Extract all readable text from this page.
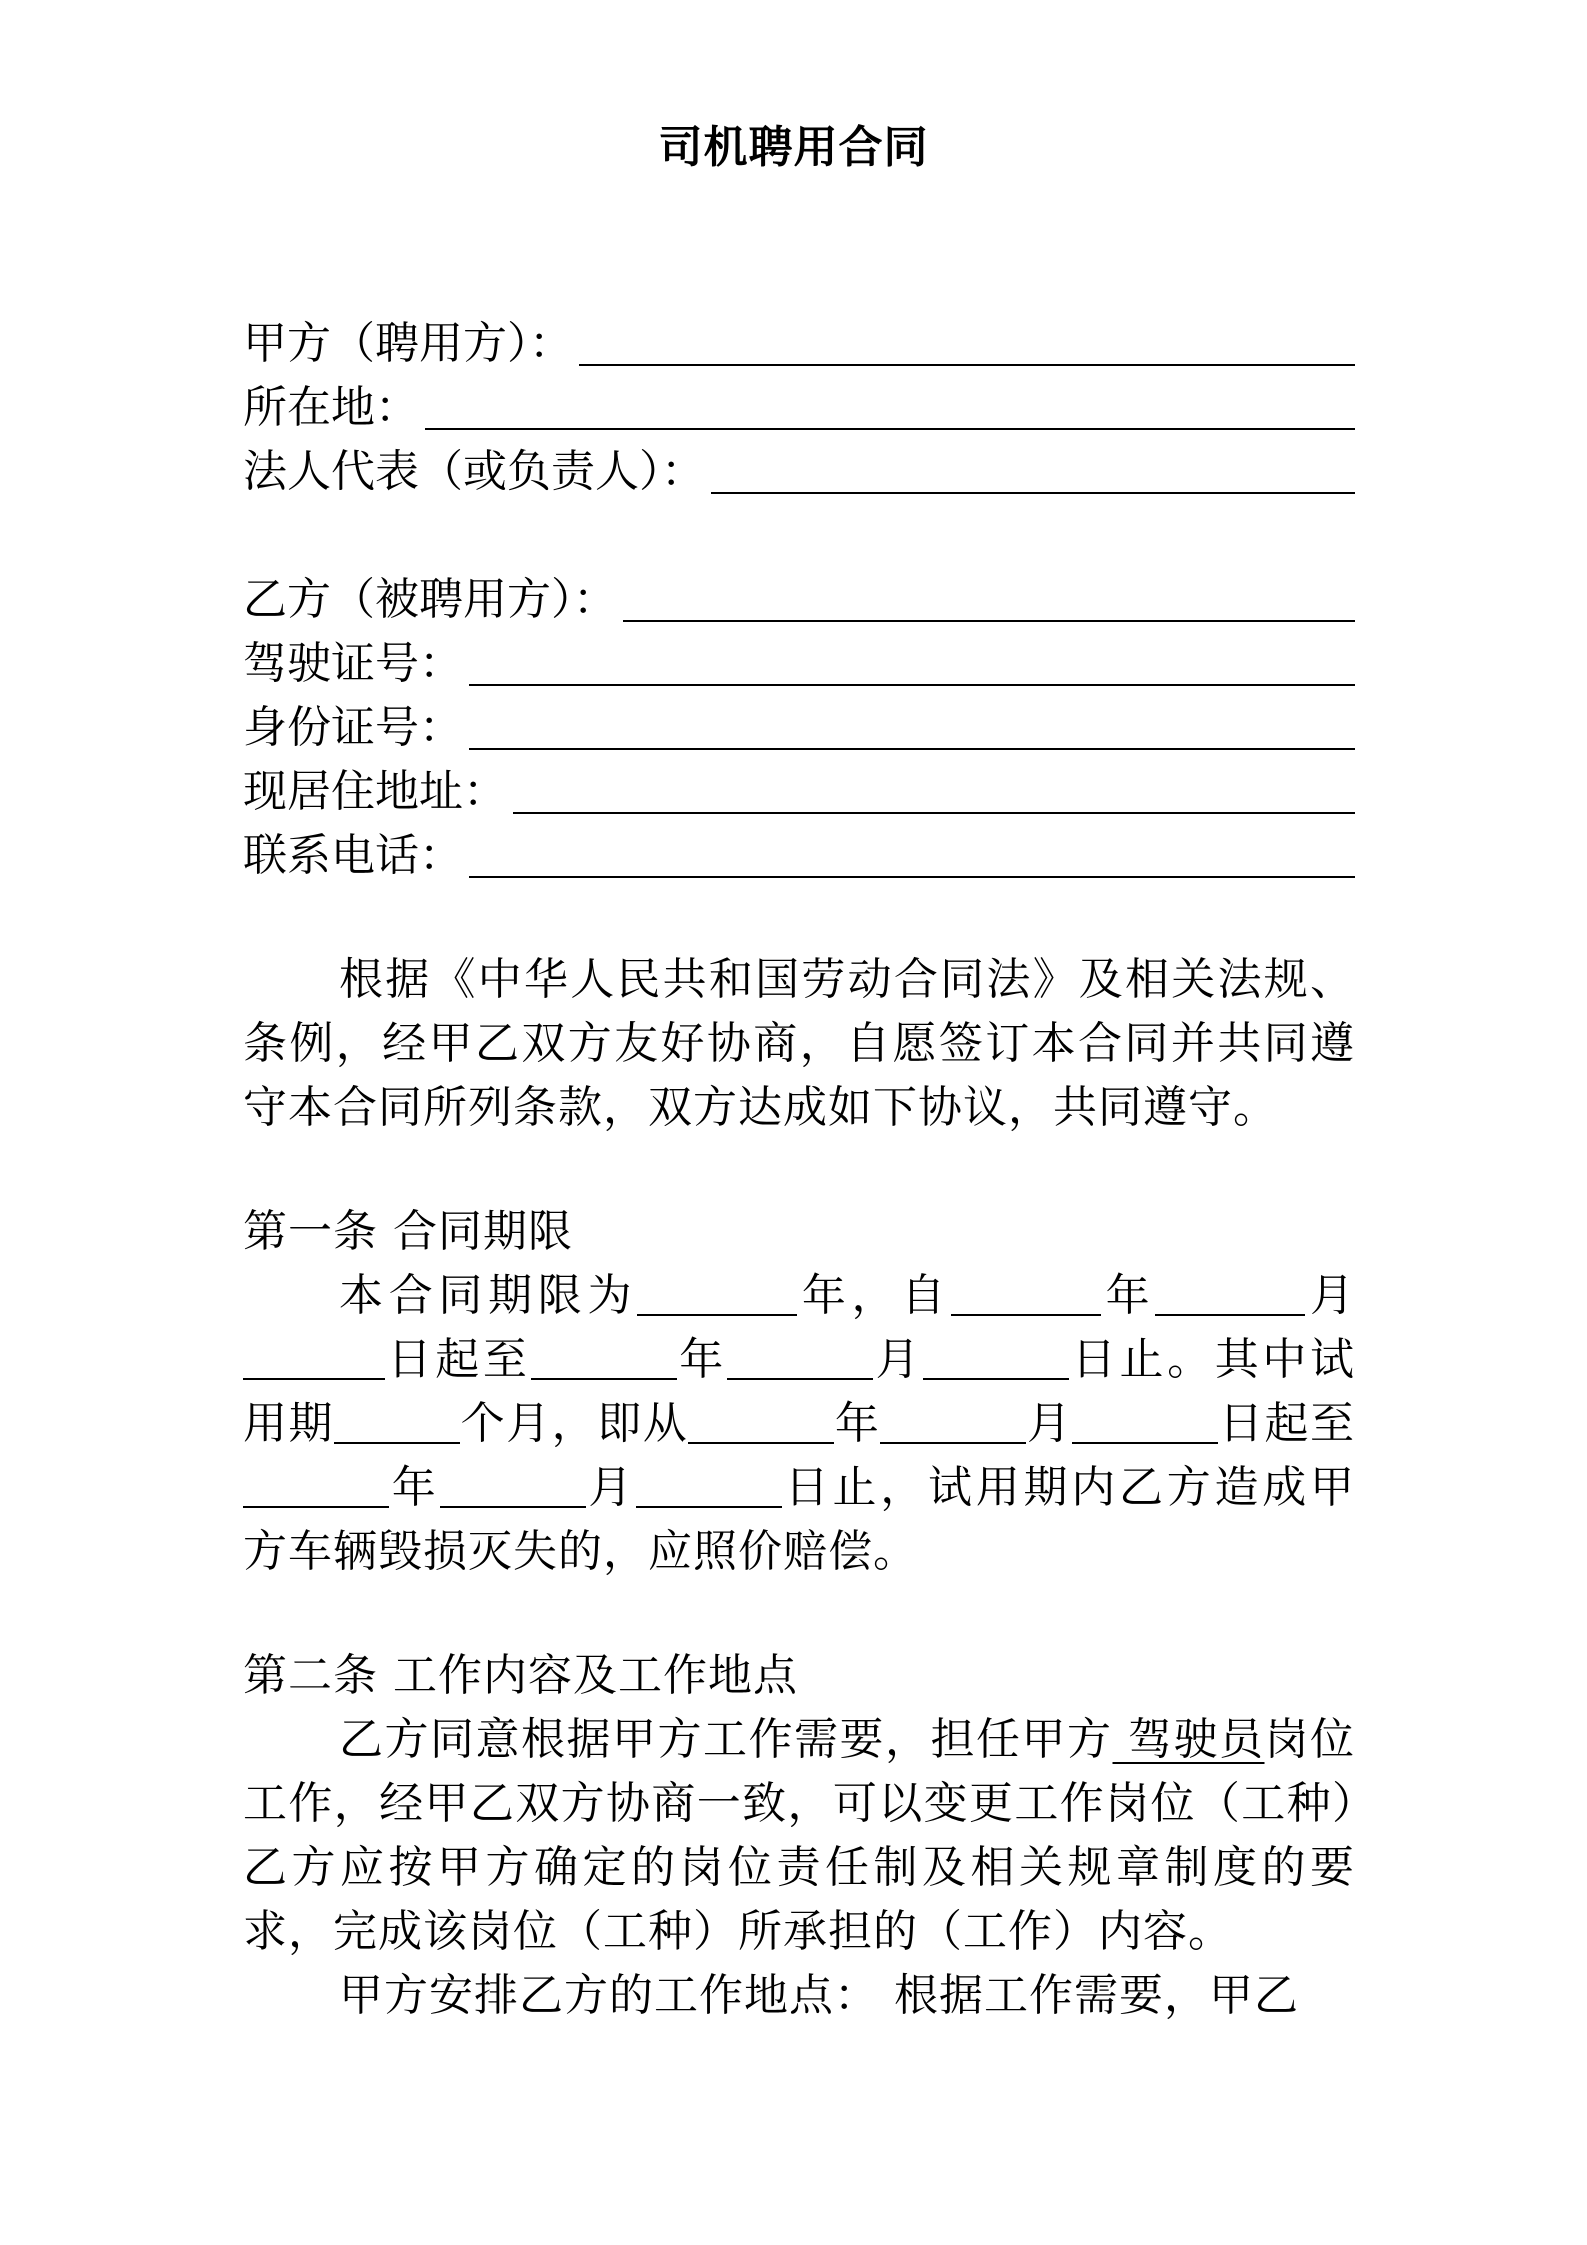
司机聘用合同
甲方（聘用方）：
所在地：
法人代表（或负责人）：
乙方（被聘用方）：
驾驶证号：
身份证号：
现居住地址：
联系电话：

根据《中华人民共和国劳动合同法》及相关法规、条例，经甲乙双方友好协商，自愿签订本合同并共同遵守本合同所列条款，双方达成如下协议，共同遵守。

第一条 合同期限

本合同期限为	年，自	年	月日起至	年	月	日止。其中试用期	个月，即从	年	月	日起至年	月	日止，试用期内乙方造成甲方车辆毁损灭失的，应照价赔偿。

第二条 工作内容及工作地点

乙方同意根据甲方工作需要，担任甲方 驾驶员岗位工作，经甲乙双方协商一致，可以变更工作岗位（工种）乙方应按甲方确定的岗位责任制及相关规章制度的要求，完成该岗位（工种）所承担的（工作）内容。

甲方安排乙方的工作地点： 根据工作需要，甲乙
